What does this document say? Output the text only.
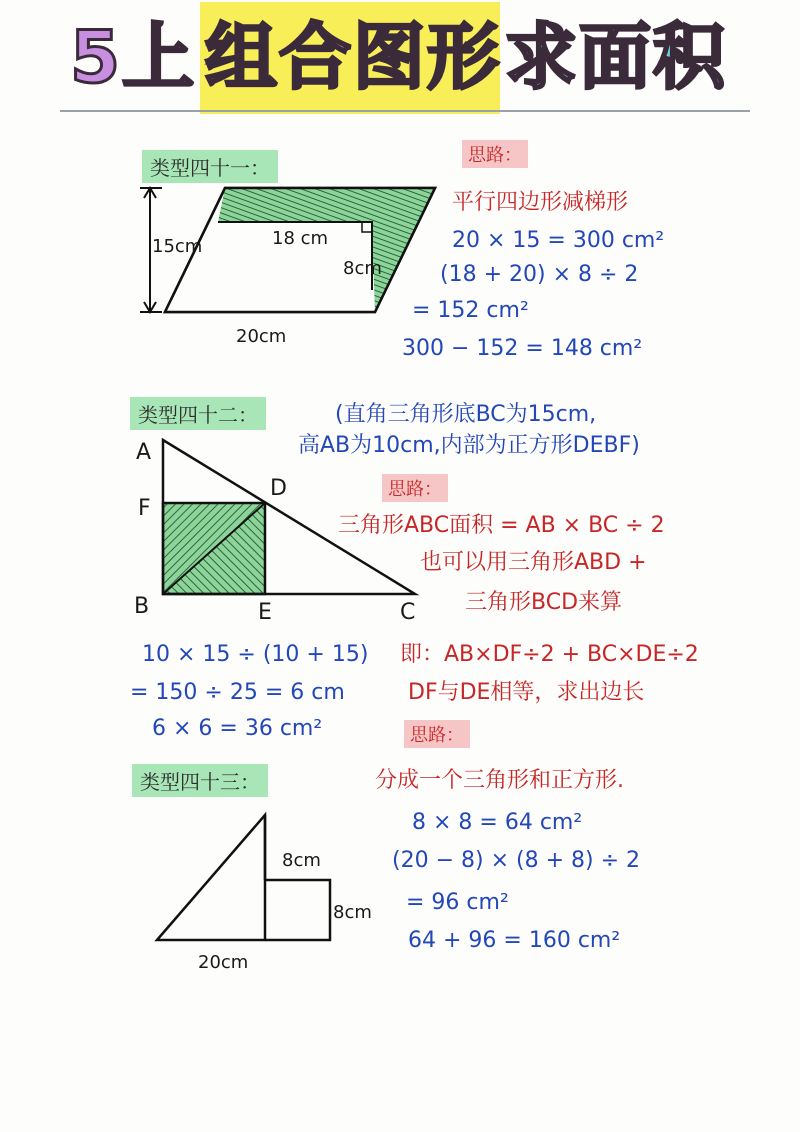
5上 组合图形 求面积
类型四十一：
思路：
平行四边形减梯形
20 × 15 = 300 cm²
(18 + 20) × 8 ÷ 2
= 152 cm²
300 − 152 = 148 cm²
15cm	18 cm
8cm
20cm
类型四十二：	(直角三角形底BC为15cm,
高AB为10cm,内部为正方形DEBF)
思路：
三角形ABC面积 = AB × BC ÷ 2
也可以用三角形ABD +
三角形BCD来算
即：AB×DF÷2 + BC×DE÷2
DF与DE相等，求出边长
10 × 15 ÷ (10 + 15)
= 150 ÷ 25 = 6 cm
6 × 6 = 36 cm²
A
F
D
B	E	C
思路：
类型四十三：	分成一个三角形和正方形.
8 × 8 = 64 cm²
(20 − 8) × (8 + 8) ÷ 2
= 96 cm²
64 + 96 = 160 cm²
8cm
8cm
20cm
